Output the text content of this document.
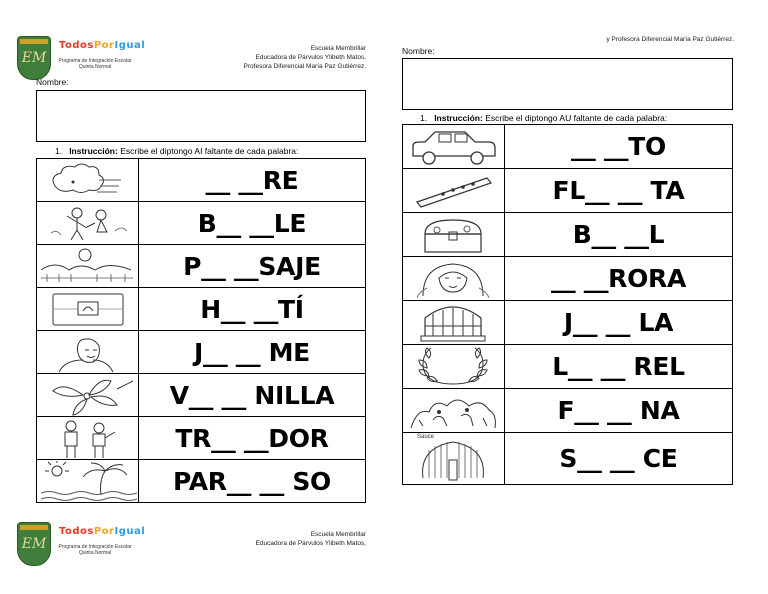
EM
TodosPorIgual
Programa de Integración Escolar
Quinta Normal
Escuela Membrillar
Educadora de Párvulos Ylibeth Matos,
Profesora Diferencial María Paz Gutiérrez.
Nombre:
1. Instrucción: Escribe el diptongo AI faltante de cada palabra:
	__ __RE

	B__ __LE

	P__ __SAJE

	H__ __TÍ

	J__ __ ME

	V__ __ NILLA

	TR__ __DOR

	PAR__ __ SO
y Profesora Diferencial María Paz Gutiérrez.
Nombre:
1. Instrucción: Escribe el diptongo AU faltante de cada palabra:
	__ __TO

	FL__ __ TA

	B__ __L

	__ __RORA

	J__ __ LA

	L__ __ REL

	F__ __ NA

Sauce	S__ __ CE
EM
TodosPorIgual
Programa de Integración Escolar
Quinta Normal
Escuela Membrillar
Educadora de Párvulos Ylibeth Matos,
